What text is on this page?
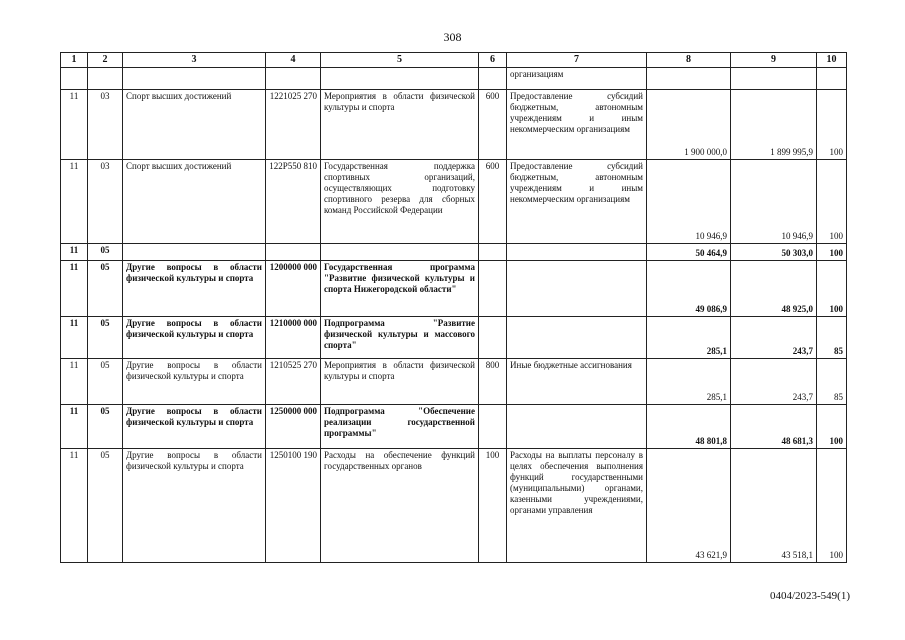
308
1	2	3	4	5	6	7	8	9	10
						организациям			
11	03	Спорт высших достижений	1221025 270	Мероприятия в области физической культуры и спорта	600	Предоставление субсидий бюджетным, автономным учреждениям и иным некоммерческим организациям	1 900 000,0	1 899 995,9	100
11	03	Спорт высших достижений	122P550 810	Государственная поддержка спортивных организаций, осуществляющих подготовку спортивного резерва для сборных команд Российской Федерации	600	Предоставление субсидий бюджетным, автономным учреждениям и иным некоммерческим организациям	10 946,9	10 946,9	100
11	05						50 464,9	50 303,0	100
11	05	Другие вопросы в области физической культуры и спорта	1200000 000	Государственная программа "Развитие физической культуры и спорта Нижегородской области"			49 086,9	48 925,0	100
11	05	Другие вопросы в области физической культуры и спорта	1210000 000	Подпрограмма "Развитие физической культуры и массового спорта"			285,1	243,7	85
11	05	Другие вопросы в области физической культуры и спорта	1210525 270	Мероприятия в области физической культуры и спорта	800	Иные бюджетные ассигнования	285,1	243,7	85
11	05	Другие вопросы в области физической культуры и спорта	1250000 000	Подпрограмма "Обеспечение реализации государственной программы"			48 801,8	48 681,3	100
11	05	Другие вопросы в области физической культуры и спорта	1250100 190	Расходы на обеспечение функций государственных органов	100	Расходы на выплаты персоналу в целях обеспечения выполнения функций государственными (муниципальными) органами, казенными учреждениями, органами управления	43 621,9	43 518,1	100
0404/2023-549(1)
